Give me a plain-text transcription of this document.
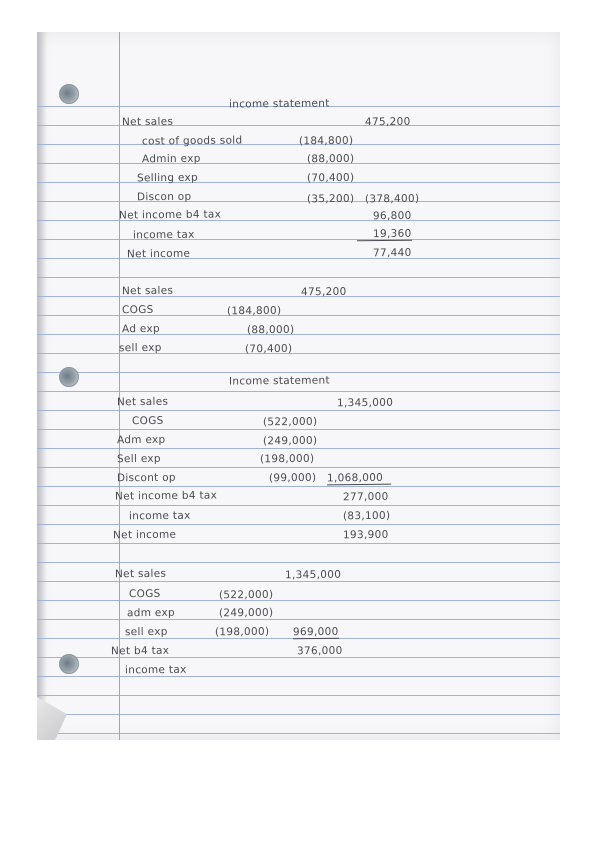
income statement
Net sales	475,200
cost of goods sold	(184,800)
Admin exp	(88,000)
Selling exp	(70,400)
Discon op	(35,200) (378,400)
Net income b4 tax	96,800
income tax	19,360
Net income	77,440
Net sales	475,200
COGS	(184,800)
Ad exp	(88,000)
sell exp	(70,400)
Income statement
Net sales	1,345,000
COGS	(522,000)
Adm exp	(249,000)
Sell exp	(198,000)
Discont op	(99,000) 1,068,000
Net income b4 tax	277,000
income tax	(83,100)
Net income	193,900
Net sales	1,345,000
COGS	(522,000)
adm exp	(249,000)
sell exp	(198,000) 969,000
Net b4 tax	376,000
income tax
